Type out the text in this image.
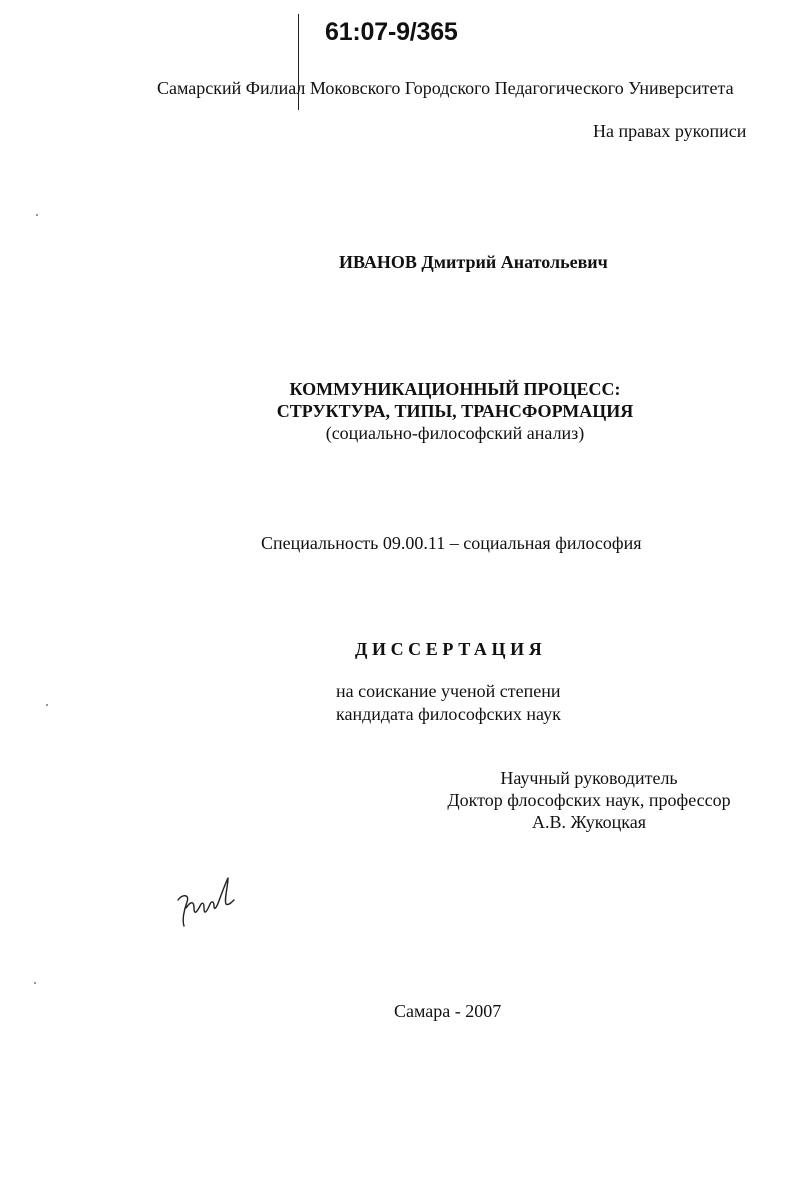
61:07-9/365
Самарский Филиал Моковского Городского Педагогического Университета
На правах рукописи
ИВАНОВ Дмитрий Анатольевич
КОММУНИКАЦИОННЫЙ ПРОЦЕСС:
СТРУКТУРА, ТИПЫ, ТРАНСФОРМАЦИЯ
(социально-философский анализ)
Специальность 09.00.11 – социальная философия
ДИССЕРТАЦИЯ
на соискание ученой степени
кандидата философских наук
Научный руководитель
Доктор флософских наук, профессор
А.В. Жукоцкая
Самара - 2007
